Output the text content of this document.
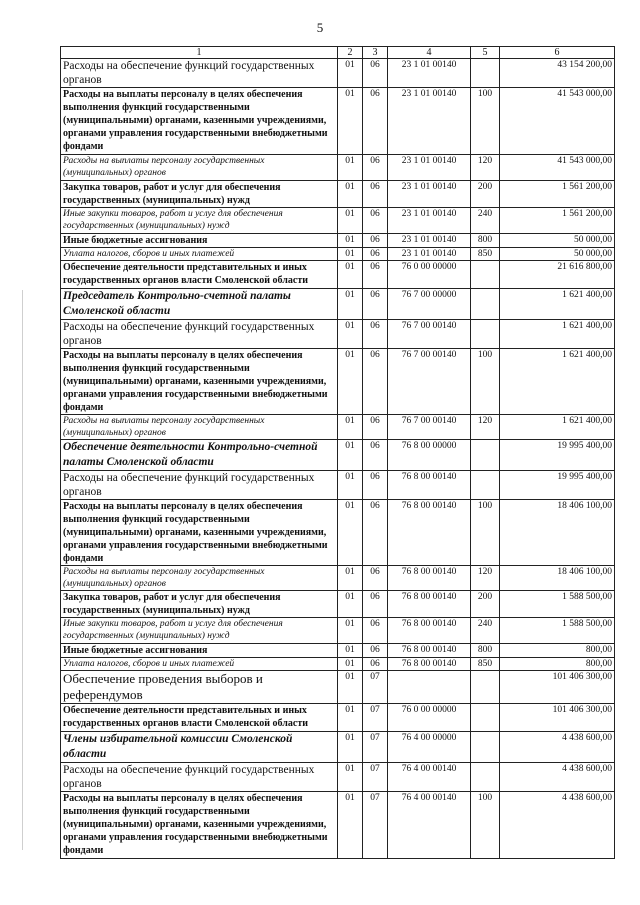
5
1	2	3	4	5	6
Расходы на обеспечение функций государственных органов	01	06	23 1 01 00140		43 154 200,00
Расходы на выплаты персоналу в целях обеспечения выполнения функций государственными (муниципальными) органами, казенными учреждениями, органами управления государственными внебюджетными фондами	01	06	23 1 01 00140	100	41 543 000,00
Расходы на выплаты персоналу государственных (муниципальных) органов	01	06	23 1 01 00140	120	41 543 000,00
Закупка товаров, работ и услуг для обеспечения государственных (муниципальных) нужд	01	06	23 1 01 00140	200	1 561 200,00
Иные закупки товаров, работ и услуг для обеспечения государственных (муниципальных) нужд	01	06	23 1 01 00140	240	1 561 200,00
Иные бюджетные ассигнования	01	06	23 1 01 00140	800	50 000,00
Уплата налогов, сборов и иных платежей	01	06	23 1 01 00140	850	50 000,00
Обеспечение деятельности представительных и иных государственных органов власти Смоленской области	01	06	76 0 00 00000		21 616 800,00
Председатель Контрольно-счетной палаты Смоленской области	01	06	76 7 00 00000		1 621 400,00
Расходы на обеспечение функций государственных органов	01	06	76 7 00 00140		1 621 400,00
Расходы на выплаты персоналу в целях обеспечения выполнения функций государственными (муниципальными) органами, казенными учреждениями, органами управления государственными внебюджетными фондами	01	06	76 7 00 00140	100	1 621 400,00
Расходы на выплаты персоналу государственных (муниципальных) органов	01	06	76 7 00 00140	120	1 621 400,00
Обеспечение деятельности Контрольно-счетной палаты Смоленской области	01	06	76 8 00 00000		19 995 400,00
Расходы на обеспечение функций государственных органов	01	06	76 8 00 00140		19 995 400,00
Расходы на выплаты персоналу в целях обеспечения выполнения функций государственными (муниципальными) органами, казенными учреждениями, органами управления государственными внебюджетными фондами	01	06	76 8 00 00140	100	18 406 100,00
Расходы на выплаты персоналу государственных (муниципальных) органов	01	06	76 8 00 00140	120	18 406 100,00
Закупка товаров, работ и услуг для обеспечения государственных (муниципальных) нужд	01	06	76 8 00 00140	200	1 588 500,00
Иные закупки товаров, работ и услуг для обеспечения государственных (муниципальных) нужд	01	06	76 8 00 00140	240	1 588 500,00
Иные бюджетные ассигнования	01	06	76 8 00 00140	800	800,00
Уплата налогов, сборов и иных платежей	01	06	76 8 00 00140	850	800,00
Обеспечение проведения выборов и референдумов	01	07			101 406 300,00
Обеспечение деятельности представительных и иных государственных органов власти Смоленской области	01	07	76 0 00 00000		101 406 300,00
Члены избирательной комиссии Смоленской области	01	07	76 4 00 00000		4 438 600,00
Расходы на обеспечение функций государственных органов	01	07	76 4 00 00140		4 438 600,00
Расходы на выплаты персоналу в целях обеспечения выполнения функций государственными (муниципальными) органами, казенными учреждениями, органами управления государственными внебюджетными фондами	01	07	76 4 00 00140	100	4 438 600,00
